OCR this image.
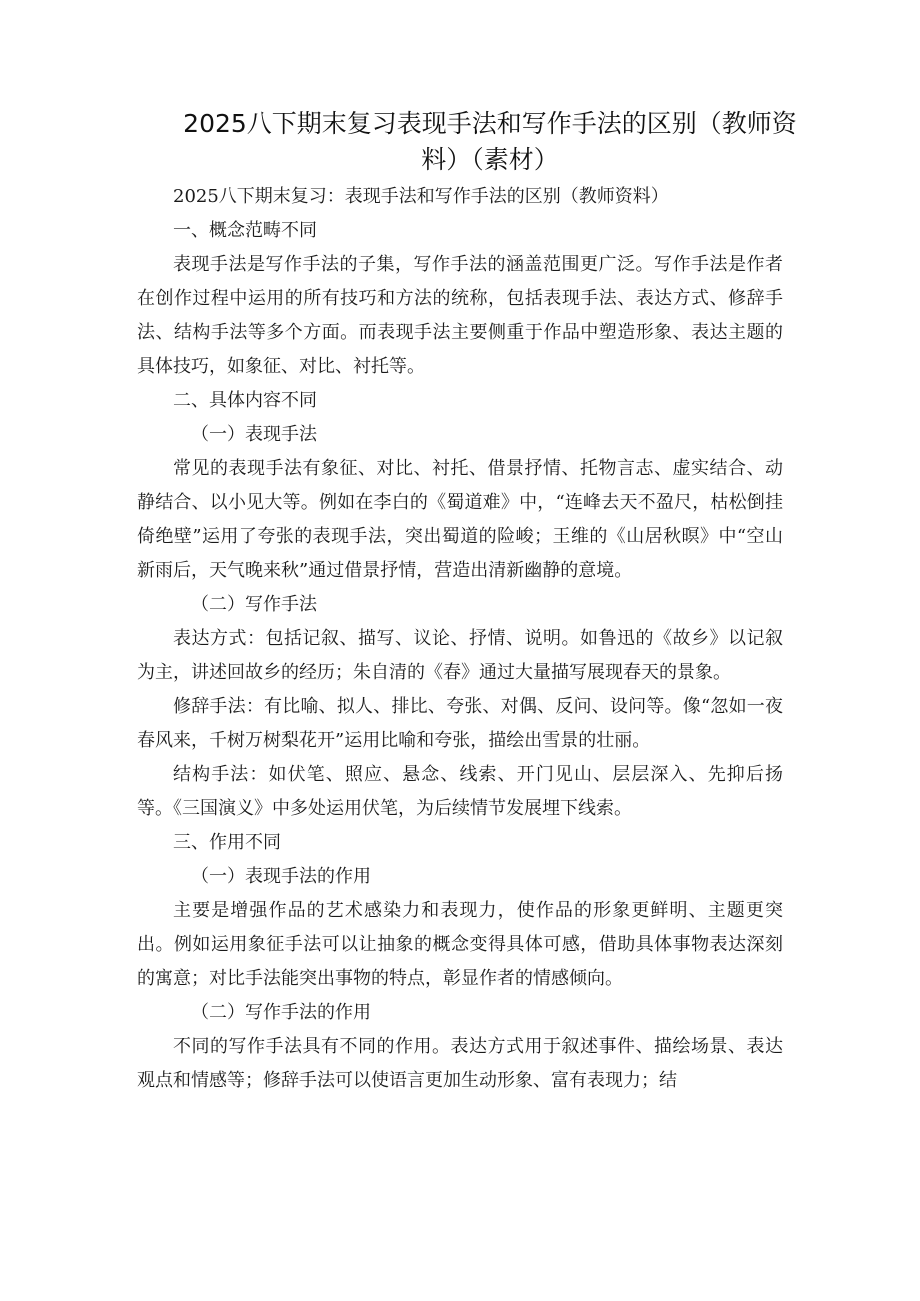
2025八下期末复习表现手法和写作手法的区别（教师资料）（素材）

2025八下期末复习：表现手法和写作手法的区别（教师资料）

一、概念范畴不同

表现手法是写作手法的子集，写作手法的涵盖范围更广泛。写作手法是作者在创作过程中运用的所有技巧和方法的统称，包括表现手法、表达方式、修辞手法、结构手法等多个方面。而表现手法主要侧重于作品中塑造形象、表达主题的具体技巧，如象征、对比、衬托等。

二、具体内容不同

（一）表现手法

常见的表现手法有象征、对比、衬托、借景抒情、托物言志、虚实结合、动静结合、以小见大等。例如在李白的《蜀道难》中，“连峰去天不盈尺，枯松倒挂倚绝壁”运用了夸张的表现手法，突出蜀道的险峻；王维的《山居秋暝》中“空山新雨后，天气晚来秋”通过借景抒情，营造出清新幽静的意境。

（二）写作手法

表达方式：包括记叙、描写、议论、抒情、说明。如鲁迅的《故乡》以记叙为主，讲述回故乡的经历；朱自清的《春》通过大量描写展现春天的景象。

修辞手法：有比喻、拟人、排比、夸张、对偶、反问、设问等。像“忽如一夜春风来，千树万树梨花开”运用比喻和夸张，描绘出雪景的壮丽。

结构手法：如伏笔、照应、悬念、线索、开门见山、层层深入、先抑后扬等。《三国演义》中多处运用伏笔，为后续情节发展埋下线索。

三、作用不同

（一）表现手法的作用

主要是增强作品的艺术感染力和表现力，使作品的形象更鲜明、主题更突出。例如运用象征手法可以让抽象的概念变得具体可感，借助具体事物表达深刻的寓意；对比手法能突出事物的特点，彰显作者的情感倾向。

（二）写作手法的作用

不同的写作手法具有不同的作用。表达方式用于叙述事件、描绘场景、表达观点和情感等；修辞手法可以使语言更加生动形象、富有表现力；结
